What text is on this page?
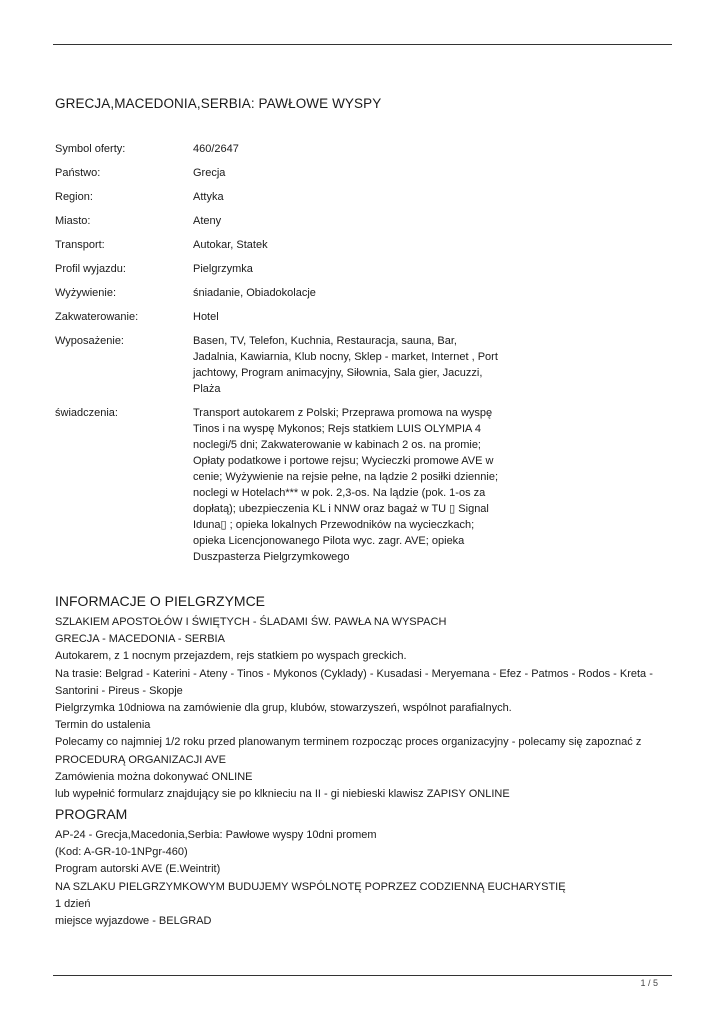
GRECJA,MACEDONIA,SERBIA: PAWŁOWE WYSPY
Symbol oferty:	460/2647
Państwo:	Grecja
Region:	Attyka
Miasto:	Ateny
Transport:	Autokar, Statek
Profil wyjazdu:	Pielgrzymka
Wyżywienie:	śniadanie, Obiadokolacje
Zakwaterowanie:	Hotel
Wyposażenie:	Basen, TV, Telefon, Kuchnia, Restauracja, sauna, Bar,
Jadalnia, Kawiarnia, Klub nocny, Sklep - market, Internet , Port
jachtowy, Program animacyjny, Siłownia, Sala gier, Jacuzzi,
Plaża
świadczenia:	Transport autokarem z Polski; Przeprawa promowa na wyspę
Tinos i na wyspę Mykonos; Rejs statkiem LUIS OLYMPIA 4
noclegi/5 dni; Zakwaterowanie w kabinach 2 os. na promie;
Opłaty podatkowe i portowe rejsu; Wycieczki promowe AVE w
cenie; Wyżywienie na rejsie pełne, na lądzie 2 posiłki dziennie;
noclegi w Hotelach*** w pok. 2,3-os. Na lądzie (pok. 1-os za
dopłatą); ubezpieczenia KL i NNW oraz bagaż w TU ▯ Signal
Iduna▯ ; opieka lokalnych Przewodników na wycieczkach;
opieka Licencjonowanego Pilota wyc. zagr. AVE; opieka
Duszpasterza Pielgrzymkowego
INFORMACJE O PIELGRZYMCE
SZLAKIEM APOSTOŁÓW I ŚWIĘTYCH - ŚLADAMI ŚW. PAWŁA NA WYSPACH
GRECJA - MACEDONIA - SERBIA
Autokarem, z 1 nocnym przejazdem, rejs statkiem po wyspach greckich.
Na trasie: Belgrad - Katerini - Ateny - Tinos - Mykonos (Cyklady) - Kusadasi - Meryemana - Efez - Patmos - Rodos - Kreta -
Santorini - Pireus - Skopje
Pielgrzymka 10dniowa na zamówienie dla grup, klubów, stowarzyszeń, wspólnot parafialnych.
Termin do ustalenia
Polecamy co najmniej 1/2 roku przed planowanym terminem rozpocząc proces organizacyjny - polecamy się zapoznać z
PROCEDURĄ ORGANIZACJI AVE
Zamówienia można dokonywać ONLINE
lub wypełnić formularz znajdujący sie po klknieciu na II - gi niebieski klawisz ZAPISY ONLINE
PROGRAM
AP-24 - Grecja,Macedonia,Serbia: Pawłowe wyspy 10dni promem
(Kod: A-GR-10-1NPgr-460)
Program autorski AVE (E.Weintrit)
NA SZLAKU PIELGRZYMKOWYM BUDUJEMY WSPÓLNOTĘ POPRZEZ CODZIENNĄ EUCHARYSTIĘ
1 dzień
miejsce wyjazdowe - BELGRAD
1 / 5
